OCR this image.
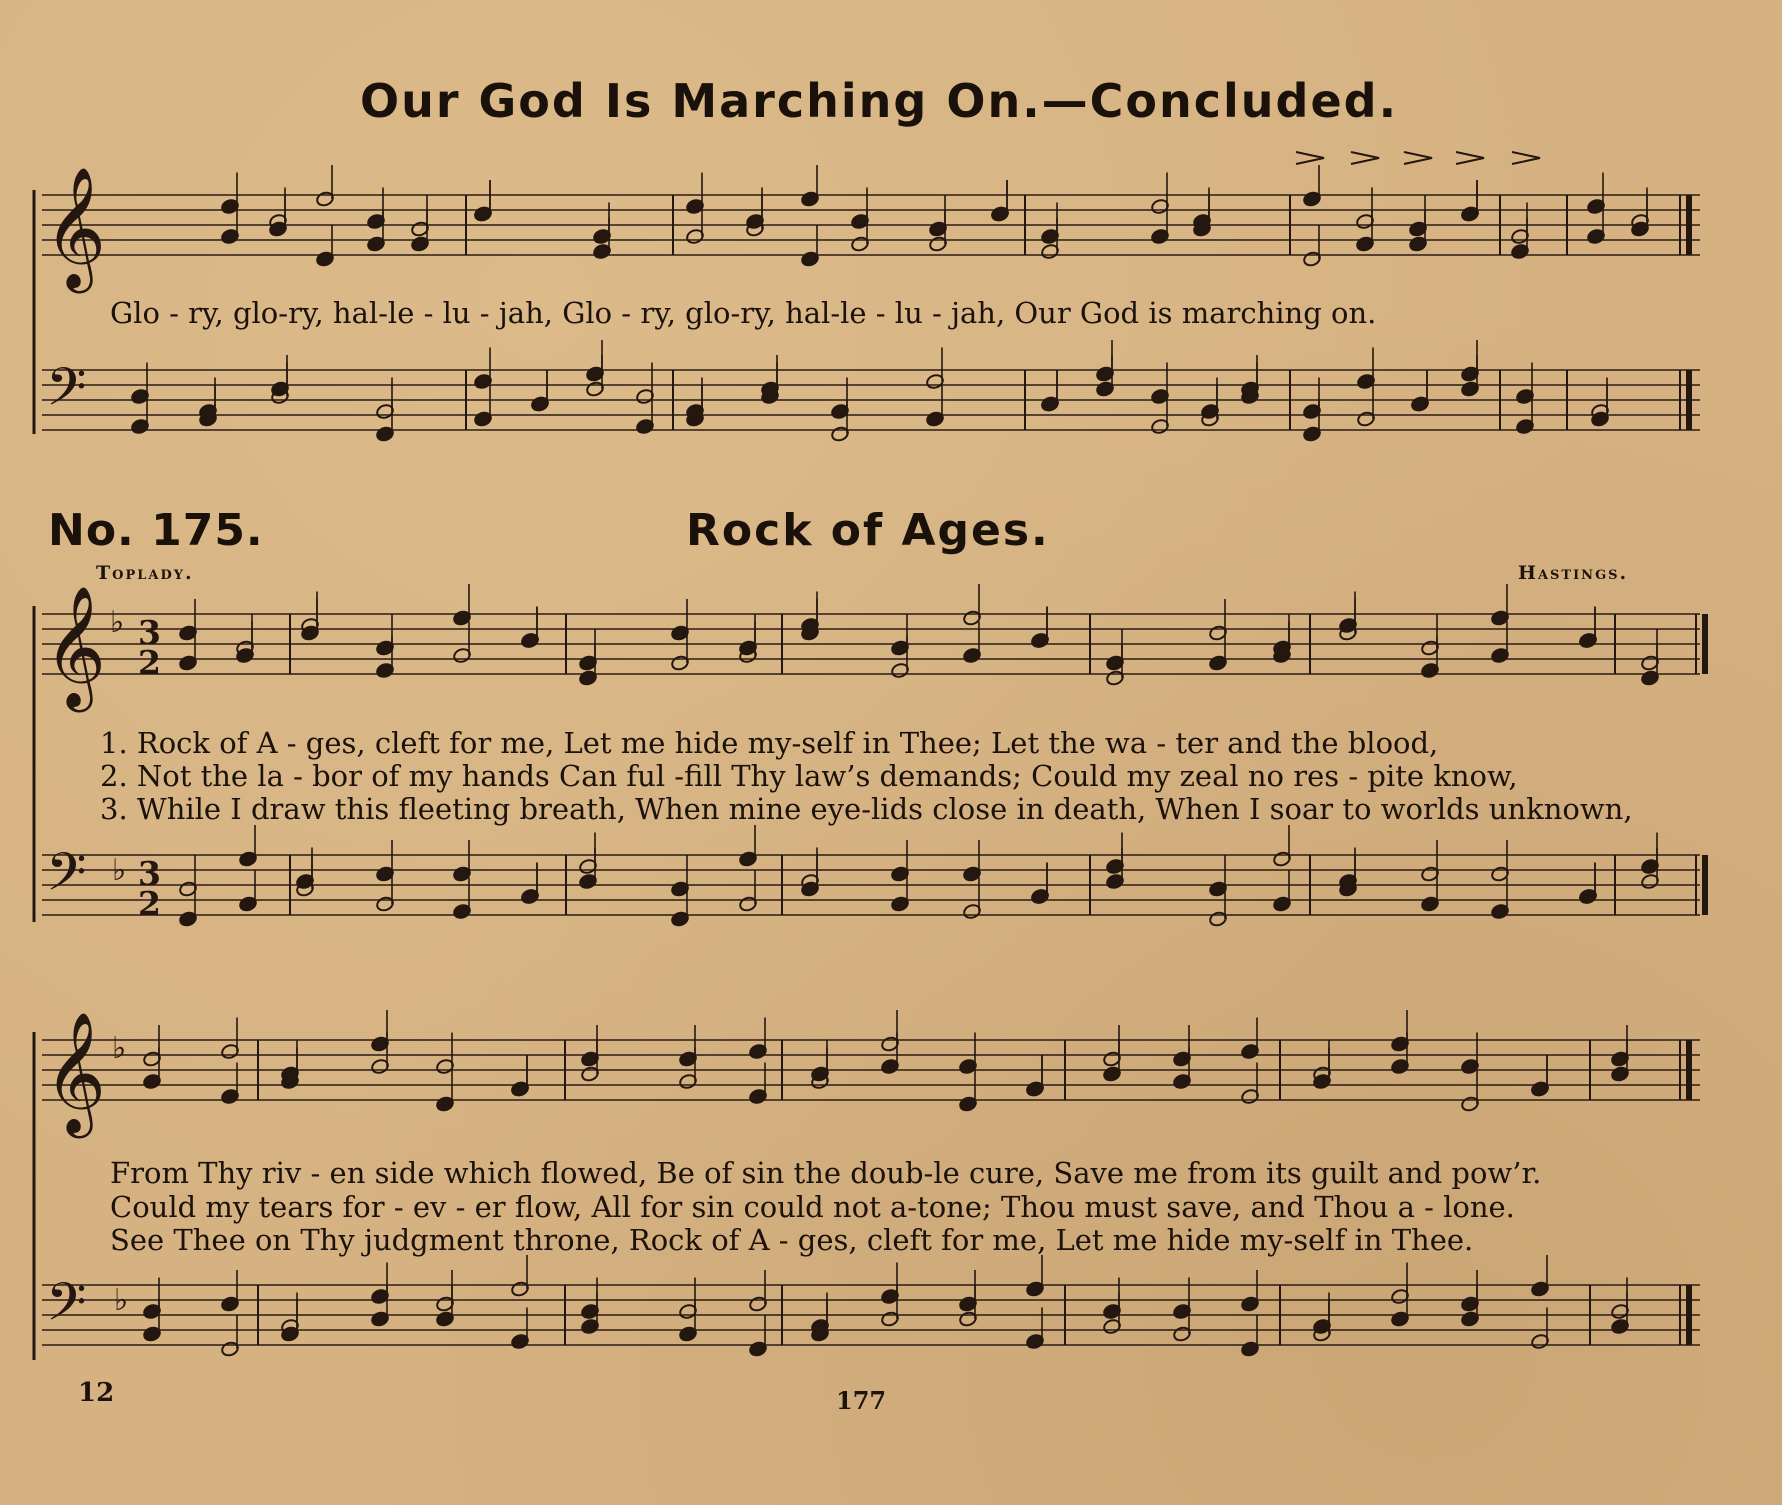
𝄞
𝄢
𝄞
𝄢
♭
♭
3
2
3
2
𝄞
𝄢
♭
♭
Our God Is Marching On.—Concluded.
Glo - ry, glo-ry, hal-le - lu - jah, Glo - ry, glo-ry, hal-le - lu - jah, Our God is marching on.
No. 175.	Rock of Ages.
Toplady.	Hastings.
1. Rock of A - ges, cleft for me, Let me hide my-self in Thee; Let the wa - ter and the blood,
2. Not the la - bor of my hands Can ful -fill Thy law’s demands; Could my zeal no res - pite know,
3. While I draw this fleeting breath, When mine eye-lids close in death, When I soar to worlds unknown,
From Thy riv - en side which flowed, Be of sin the doub-le cure, Save me from its guilt and pow’r.
Could my tears for - ev - er flow, All for sin could not a-tone; Thou must save, and Thou a - lone.
See Thee on Thy judgment throne, Rock of A - ges, cleft for me, Let me hide my-self in Thee.
12	177
